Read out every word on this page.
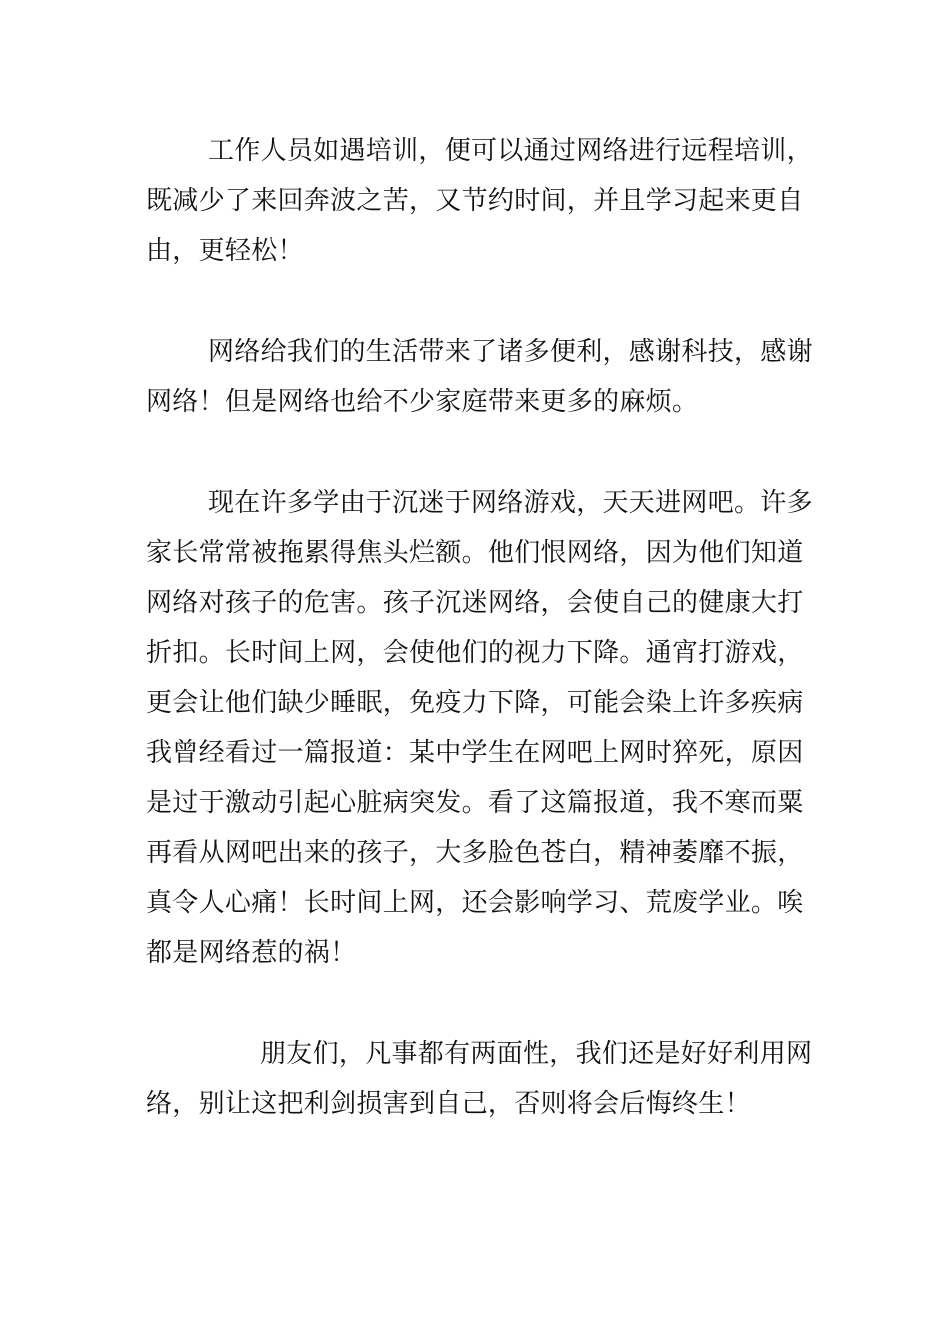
工作人员如遇培训，便可以通过网络进行远程培训，
既减少了来回奔波之苦，又节约时间，并且学习起来更自
由，更轻松！

网络给我们的生活带来了诸多便利，感谢科技，感谢
网络！但是网络也给不少家庭带来更多的麻烦。

现在许多学由于沉迷于网络游戏，天天进网吧。许多
家长常常被拖累得焦头烂额。他们恨网络，因为他们知道
网络对孩子的危害。孩子沉迷网络，会使自己的健康大打
折扣。长时间上网，会使他们的视力下降。通宵打游戏，
更会让他们缺少睡眠，免疫力下降，可能会染上许多疾病
我曾经看过一篇报道：某中学生在网吧上网时猝死，原因
是过于激动引起心脏病突发。看了这篇报道，我不寒而粟
再看从网吧出来的孩子，大多脸色苍白，精神萎靡不振，
真令人心痛！长时间上网，还会影响学习、荒废学业。唉
都是网络惹的祸！

朋友们，凡事都有两面性，我们还是好好利用网
络，别让这把利剑损害到自己，否则将会后悔终生！
